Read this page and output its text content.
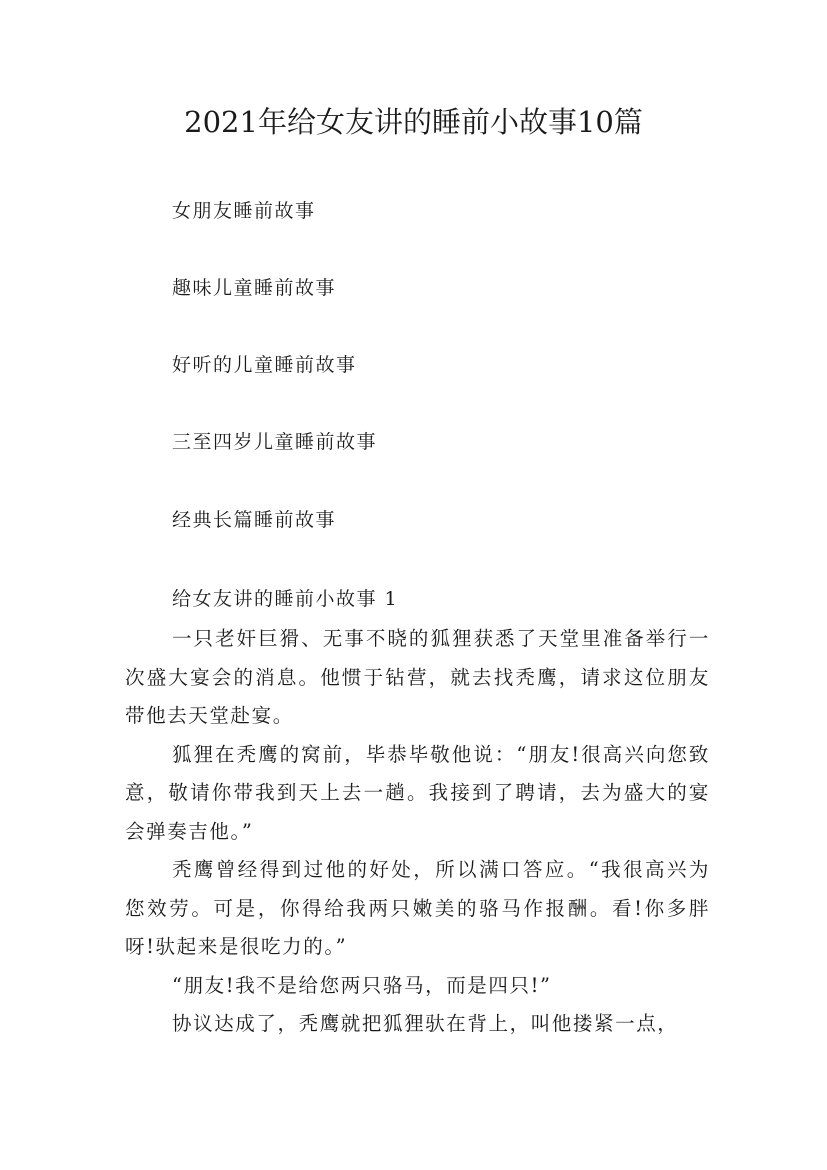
2021年给女友讲的睡前小故事10篇
女朋友睡前故事
趣味儿童睡前故事
好听的儿童睡前故事
三至四岁儿童睡前故事
经典长篇睡前故事
给女友讲的睡前小故事 1

一只老奸巨猾、无事不晓的狐狸获悉了天堂里准备举行一次盛大宴会的消息。他惯于钻营，就去找秃鹰，请求这位朋友带他去天堂赴宴。

狐狸在秃鹰的窝前，毕恭毕敬他说：“朋友!很高兴向您致意，敬请你带我到天上去一趟。我接到了聘请，去为盛大的宴会弹奏吉他。”

秃鹰曾经得到过他的好处，所以满口答应。“我很高兴为您效劳。可是，你得给我两只嫩美的骆马作报酬。看!你多胖呀!驮起来是很吃力的。”

“朋友!我不是给您两只骆马，而是四只!”

协议达成了，秃鹰就把狐狸驮在背上，叫他搂紧一点，
